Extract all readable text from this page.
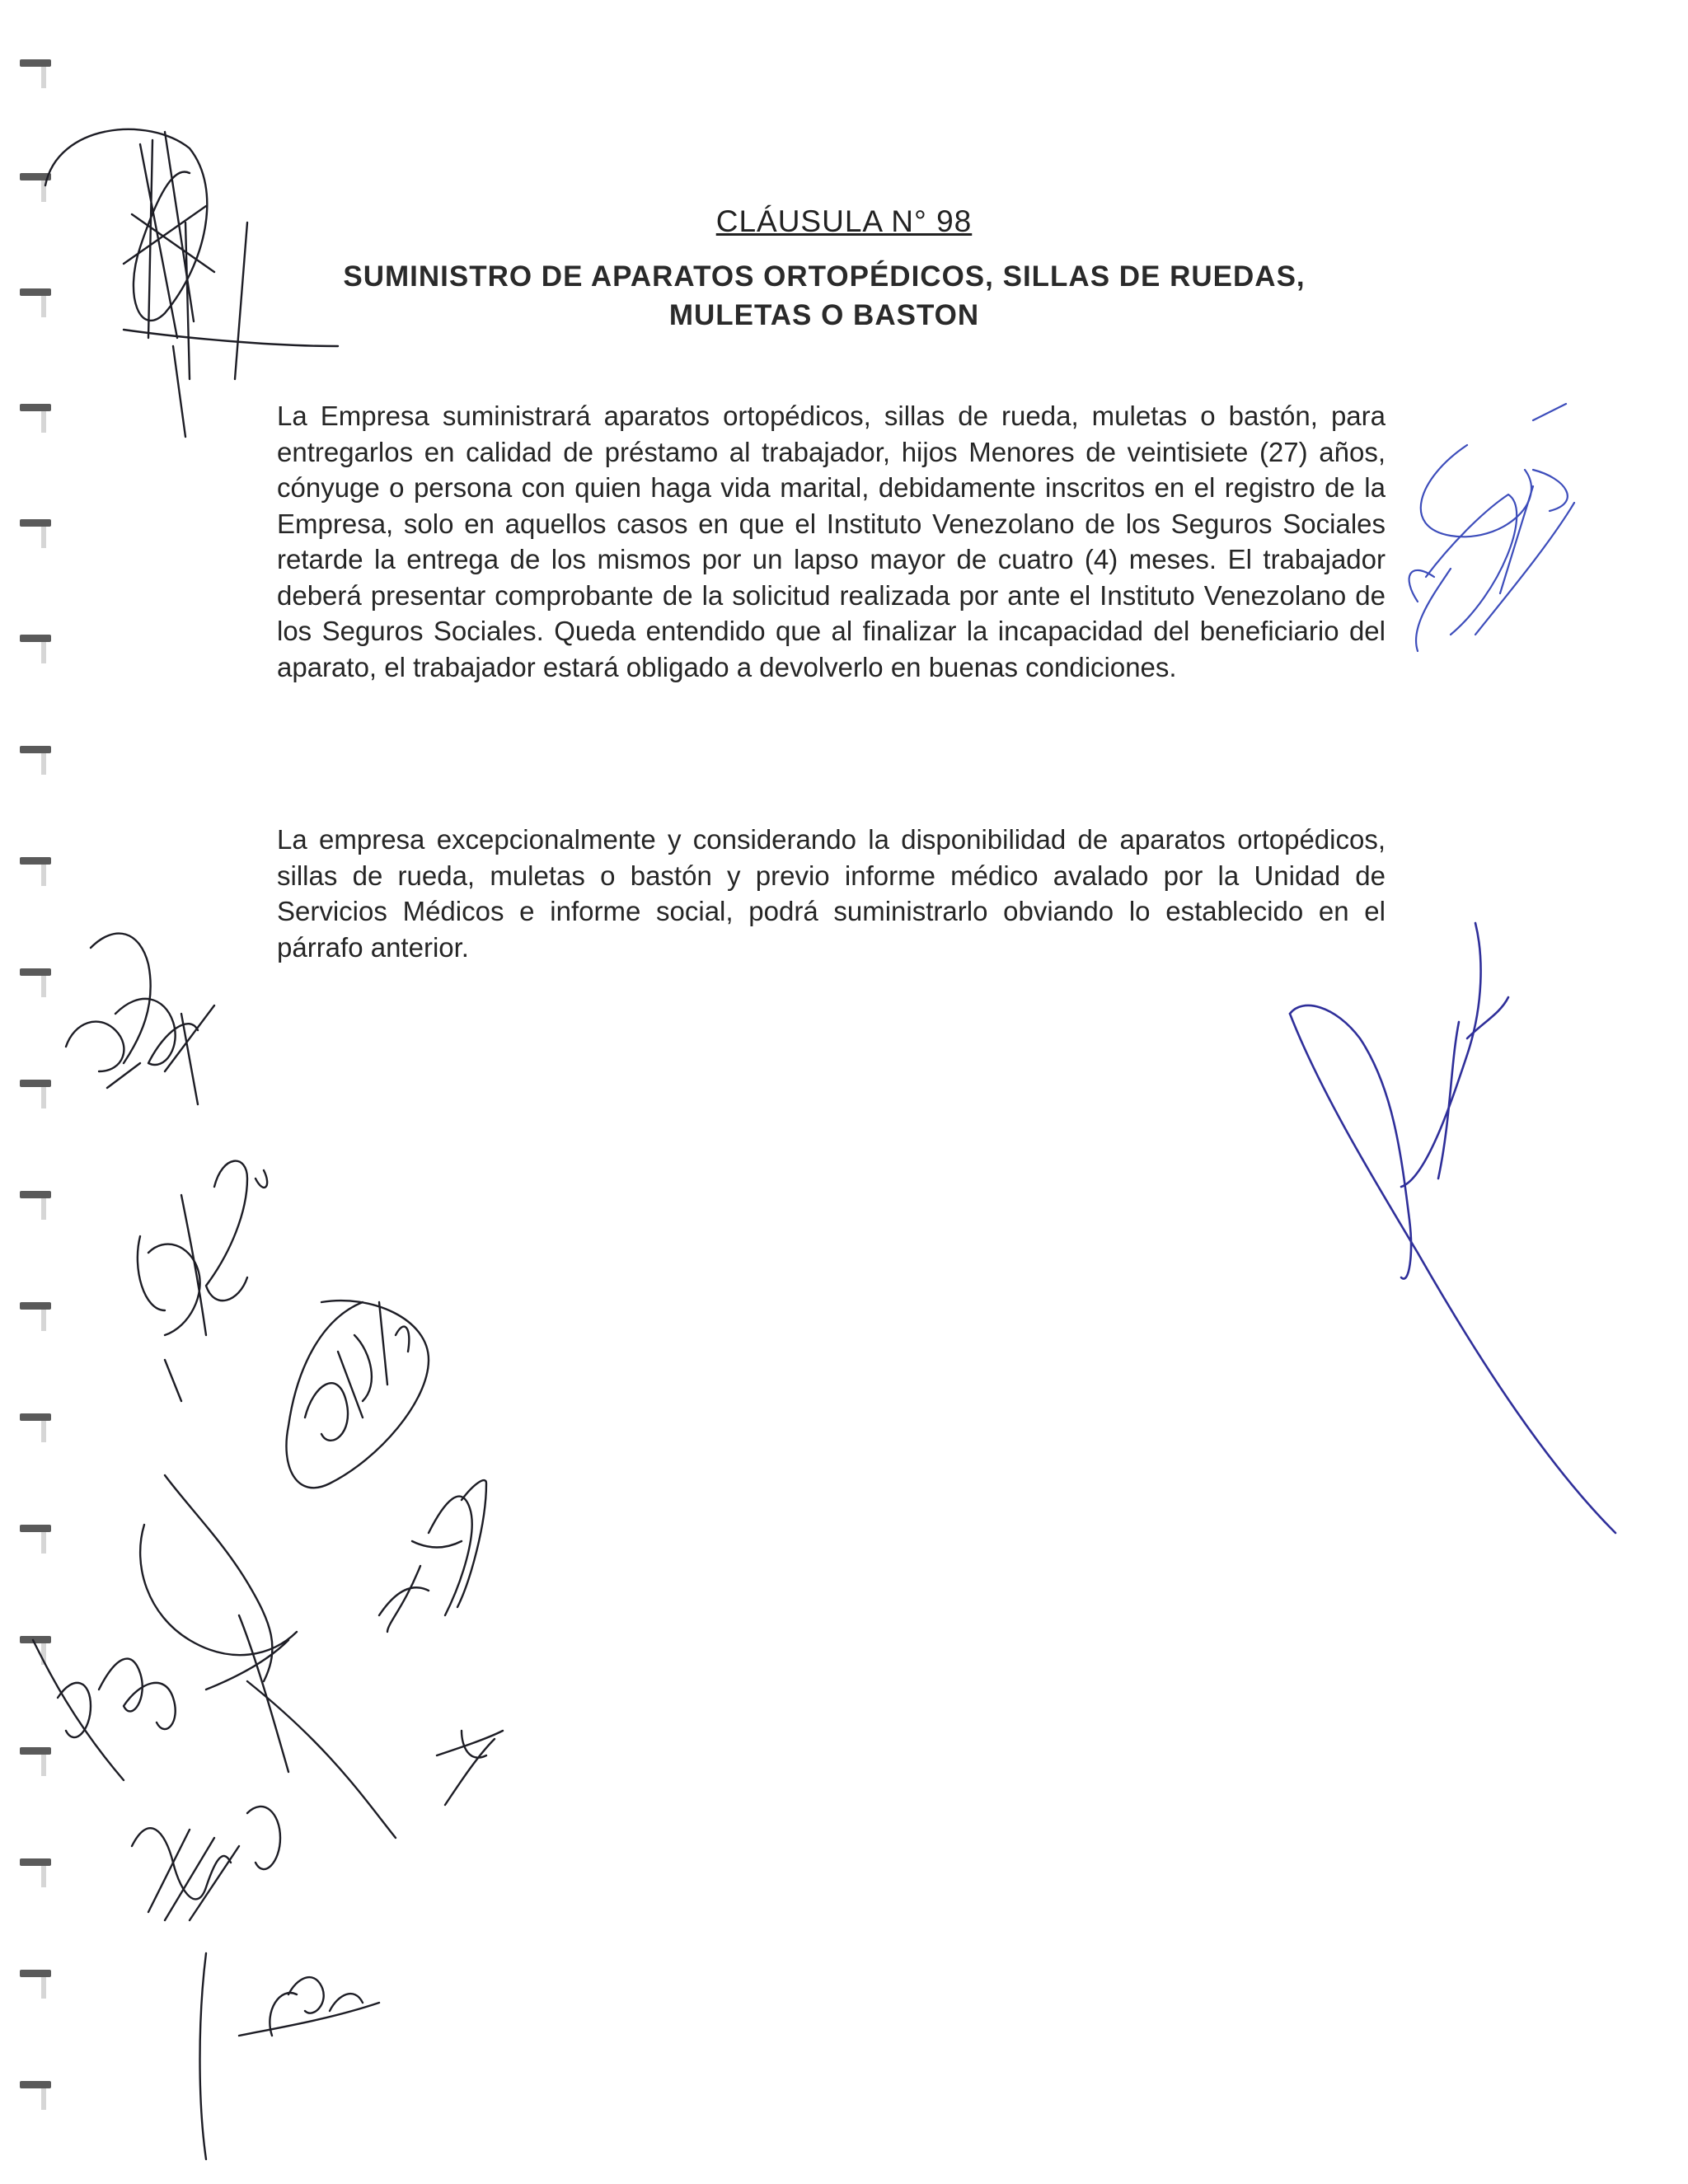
CLÁUSULA N° 98
SUMINISTRO DE APARATOS ORTOPÉDICOS, SILLAS DE RUEDAS,
MULETAS O BASTON

La Empresa suministrará aparatos ortopédicos, sillas de rueda, muletas o bastón, para entregarlos en calidad de préstamo al trabajador, hijos Menores de veintisiete (27) años, cónyuge o persona con quien haga vida marital, debidamente inscritos en el registro de la Empresa, solo en aquellos casos en que el Instituto Venezolano de los Seguros Sociales retarde la entrega de los mismos por un lapso mayor de cuatro (4) meses. El trabajador deberá presentar comprobante de la solicitud realizada por ante el Instituto Venezolano de los Seguros Sociales. Queda entendido que al finalizar la incapacidad del beneficiario del aparato, el trabajador estará obligado a devolverlo en buenas condiciones.

La empresa excepcionalmente y considerando la disponibilidad de aparatos ortopédicos, sillas de rueda, muletas o bastón y previo informe médico avalado por la Unidad de Servicios Médicos e informe social, podrá suministrarlo obviando lo establecido en el párrafo anterior.
